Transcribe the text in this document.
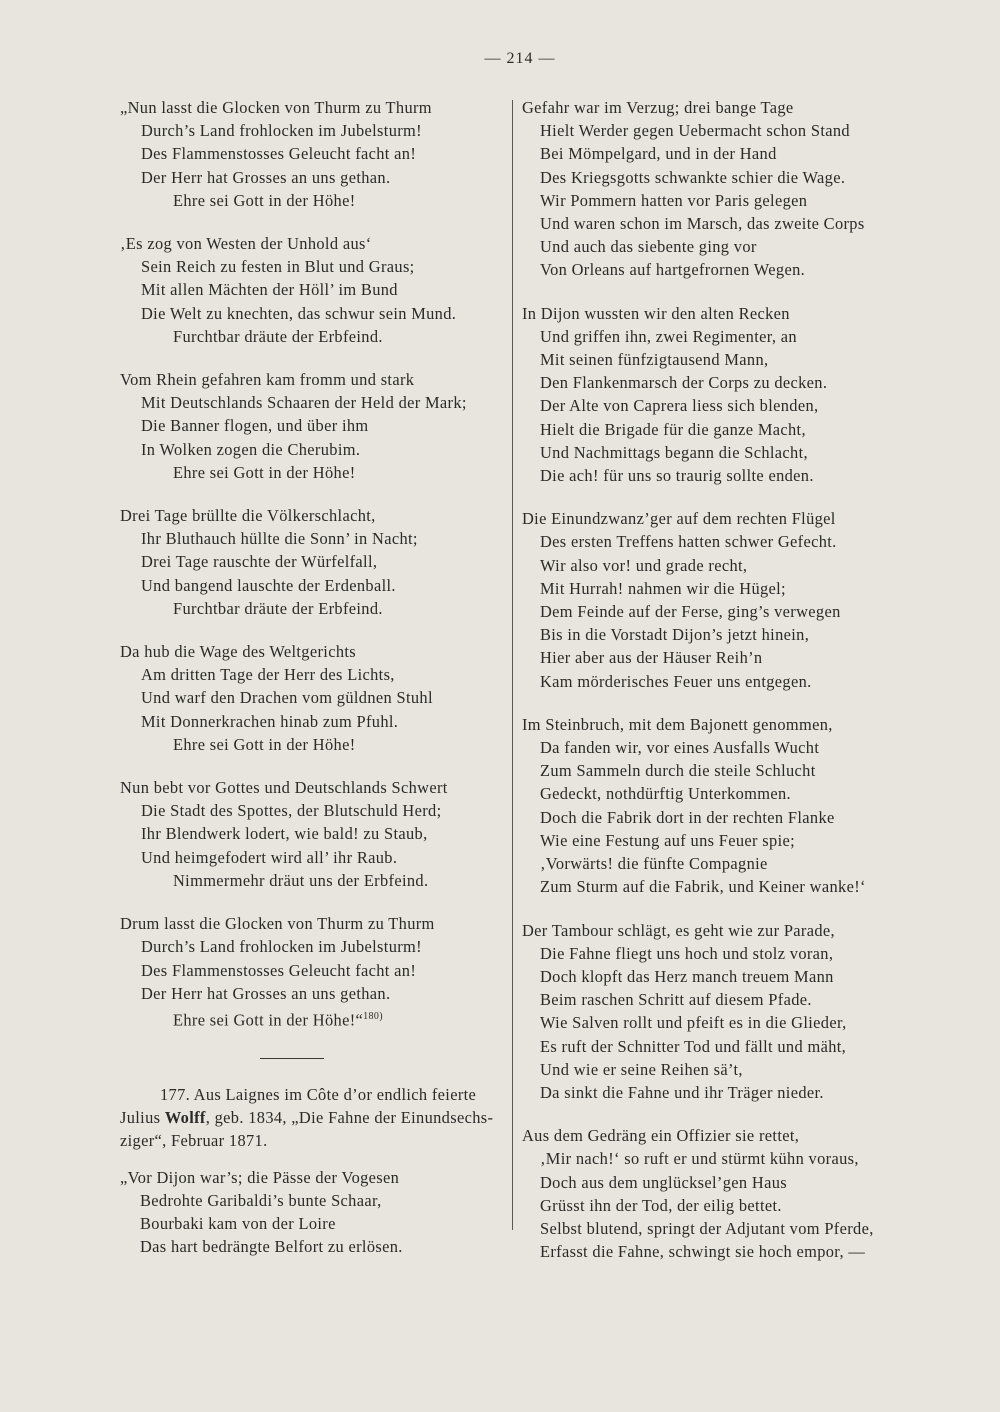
— 214 —
„Nun lasst die Glocken von Thurm zu Thurm
Durch’s Land frohlocken im Jubelsturm!
Des Flammenstosses Geleucht facht an!
Der Herr hat Grosses an uns gethan.
Ehre sei Gott in der Höhe!
‚Es zog von Westen der Unhold aus‘
Sein Reich zu festen in Blut und Graus;
Mit allen Mächten der Höll’ im Bund
Die Welt zu knechten, das schwur sein Mund.
Furchtbar dräute der Erbfeind.
Vom Rhein gefahren kam fromm und stark
Mit Deutschlands Schaaren der Held der Mark;
Die Banner flogen, und über ihm
In Wolken zogen die Cherubim.
Ehre sei Gott in der Höhe!
Drei Tage brüllte die Völkerschlacht,
Ihr Bluthauch hüllte die Sonn’ in Nacht;
Drei Tage rauschte der Würfelfall,
Und bangend lauschte der Erdenball.
Furchtbar dräute der Erbfeind.
Da hub die Wage des Weltgerichts
Am dritten Tage der Herr des Lichts,
Und warf den Drachen vom güldnen Stuhl
Mit Donnerkrachen hinab zum Pfuhl.
Ehre sei Gott in der Höhe!
Nun bebt vor Gottes und Deutschlands Schwert
Die Stadt des Spottes, der Blutschuld Herd;
Ihr Blendwerk lodert, wie bald! zu Staub,
Und heimgefodert wird all’ ihr Raub.
Nimmermehr dräut uns der Erbfeind.
Drum lasst die Glocken von Thurm zu Thurm
Durch’s Land frohlocken im Jubelsturm!
Des Flammenstosses Geleucht facht an!
Der Herr hat Grosses an uns gethan.
Ehre sei Gott in der Höhe!“$^{180)}$
177. Aus Laignes im Côte d’or endlich feierte
Julius Wolff, geb. 1834, „Die Fahne der Einundsechs-
ziger“, Februar 1871.
„Vor Dijon war’s; die Pässe der Vogesen
Bedrohte Garibaldi’s bunte Schaar,
Bourbaki kam von der Loire
Das hart bedrängte Belfort zu erlösen.
Gefahr war im Verzug; drei bange Tage
Hielt Werder gegen Uebermacht schon Stand
Bei Mömpelgard, und in der Hand
Des Kriegsgotts schwankte schier die Wage.
Wir Pommern hatten vor Paris gelegen
Und waren schon im Marsch, das zweite Corps
Und auch das siebente ging vor
Von Orleans auf hartgefrornen Wegen.
In Dijon wussten wir den alten Recken
Und griffen ihn, zwei Regimenter, an
Mit seinen fünfzigtausend Mann,
Den Flankenmarsch der Corps zu decken.
Der Alte von Caprera liess sich blenden,
Hielt die Brigade für die ganze Macht,
Und Nachmittags begann die Schlacht,
Die ach! für uns so traurig sollte enden.
Die Einundzwanz’ger auf dem rechten Flügel
Des ersten Treffens hatten schwer Gefecht.
Wir also vor! und grade recht,
Mit Hurrah! nahmen wir die Hügel;
Dem Feinde auf der Ferse, ging’s verwegen
Bis in die Vorstadt Dijon’s jetzt hinein,
Hier aber aus der Häuser Reih’n
Kam mörderisches Feuer uns entgegen.
Im Steinbruch, mit dem Bajonett genommen,
Da fanden wir, vor eines Ausfalls Wucht
Zum Sammeln durch die steile Schlucht
Gedeckt, nothdürftig Unterkommen.
Doch die Fabrik dort in der rechten Flanke
Wie eine Festung auf uns Feuer spie;
‚Vorwärts! die fünfte Compagnie
Zum Sturm auf die Fabrik, und Keiner wanke!‘
Der Tambour schlägt, es geht wie zur Parade,
Die Fahne fliegt uns hoch und stolz voran,
Doch klopft das Herz manch treuem Mann
Beim raschen Schritt auf diesem Pfade.
Wie Salven rollt und pfeift es in die Glieder,
Es ruft der Schnitter Tod und fällt und mäht,
Und wie er seine Reihen sä’t,
Da sinkt die Fahne und ihr Träger nieder.
Aus dem Gedräng ein Offizier sie rettet,
‚Mir nach!‘ so ruft er und stürmt kühn voraus,
Doch aus dem unglücksel’gen Haus
Grüsst ihn der Tod, der eilig bettet.
Selbst blutend, springt der Adjutant vom Pferde,
Erfasst die Fahne, schwingt sie hoch empor, —
